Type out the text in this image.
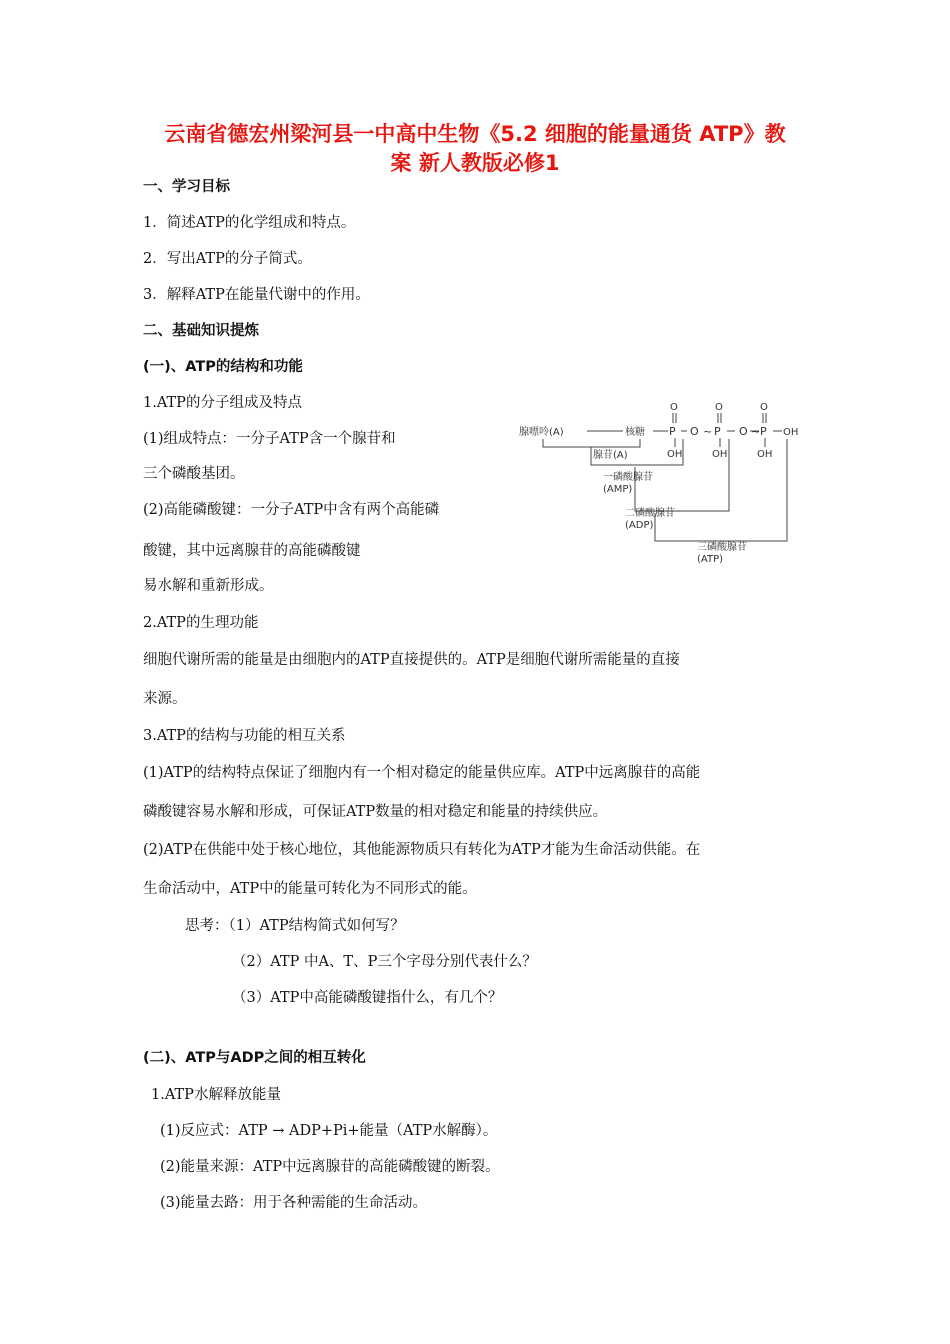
云南省德宏州梁河县一中高中生物《5.2 细胞的能量通货 ATP》教
案 新人教版必修1
一、学习目标
1．简述ATP的化学组成和特点。
2．写出ATP的分子简式。
3．解释ATP在能量代谢中的作用。
二、基础知识提炼
(一)、ATP的结构和功能
1.ATP的分子组成及特点
(1)组成特点：一分子ATP含一个腺苷和
三个磷酸基团。
(2)高能磷酸键：一分子ATP中含有两个高能磷
酸键，其中远离腺苷的高能磷酸键
易水解和重新形成。
2.ATP的生理功能
细胞代谢所需的能量是由细胞内的ATP直接提供的。ATP是细胞代谢所需能量的直接
来源。
3.ATP的结构与功能的相互关系
(1)ATP的结构特点保证了细胞内有一个相对稳定的能量供应库。ATP中远离腺苷的高能
磷酸键容易水解和形成，可保证ATP数量的相对稳定和能量的持续供应。
(2)ATP在供能中处于核心地位，其他能源物质只有转化为ATP才能为生命活动供能。在
生命活动中，ATP中的能量可转化为不同形式的能。
思考：（1）ATP结构简式如何写？
（2）ATP 中A、T、P三个字母分别代表什么？
（3）ATP中高能磷酸键指什么，有几个？
(二)、ATP与ADP之间的相互转化
1.ATP水解释放能量
(1)反应式：ATP → ADP+Pi+能量（ATP水解酶）。
(2)能量来源：ATP中远离腺苷的高能磷酸键的断裂。
(3)能量去路：用于各种需能的生命活动。
腺嘌呤(A)	核糖 P O ~ P O ~ P OH
O	O	O
OH	OH	OH
腺苷(A)
一磷酸腺苷
(AMP)
二磷酸腺苷
(ADP)
三磷酸腺苷
(ATP)
